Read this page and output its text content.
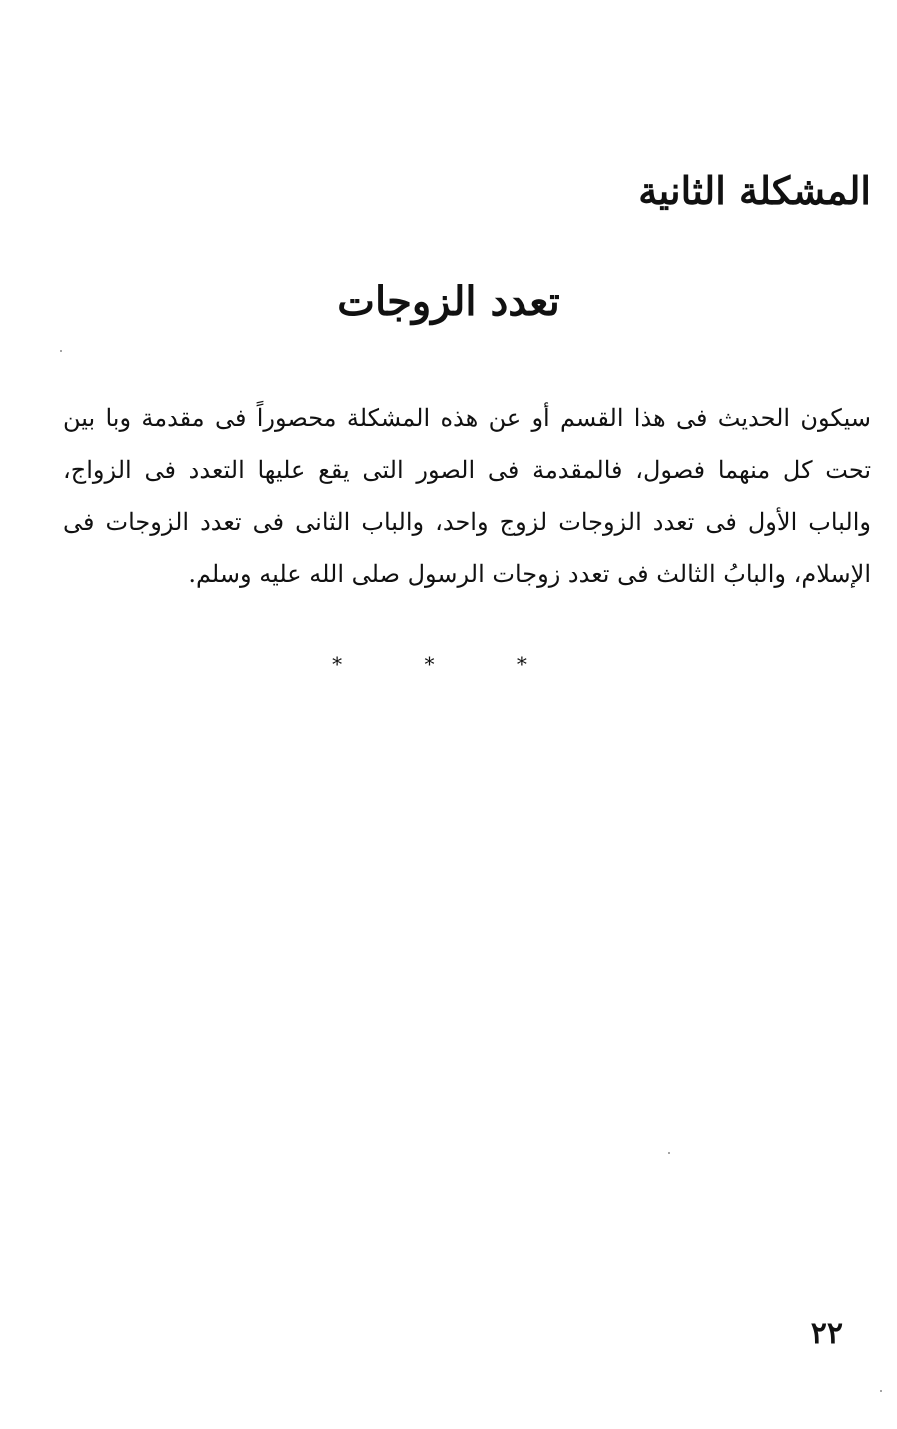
المشكلة الثانية
تعدد الزوجات

سيكون الحديث فى هذا القسم أو عن هذه المشكلة محصوراً فى مقدمة وبا بين تحت كل منهما فصول، فالمقدمة فى الصور التى يقع عليها التعدد فى الزواج، والباب الأول فى تعدد الزوجات لزوج واحد، والباب الثانى فى تعدد الزوجات فى الإسلام، والبابُ الثالث فى تعدد زوجات الرسول صلى الله عليه وسلم.

* * *
٢٢
